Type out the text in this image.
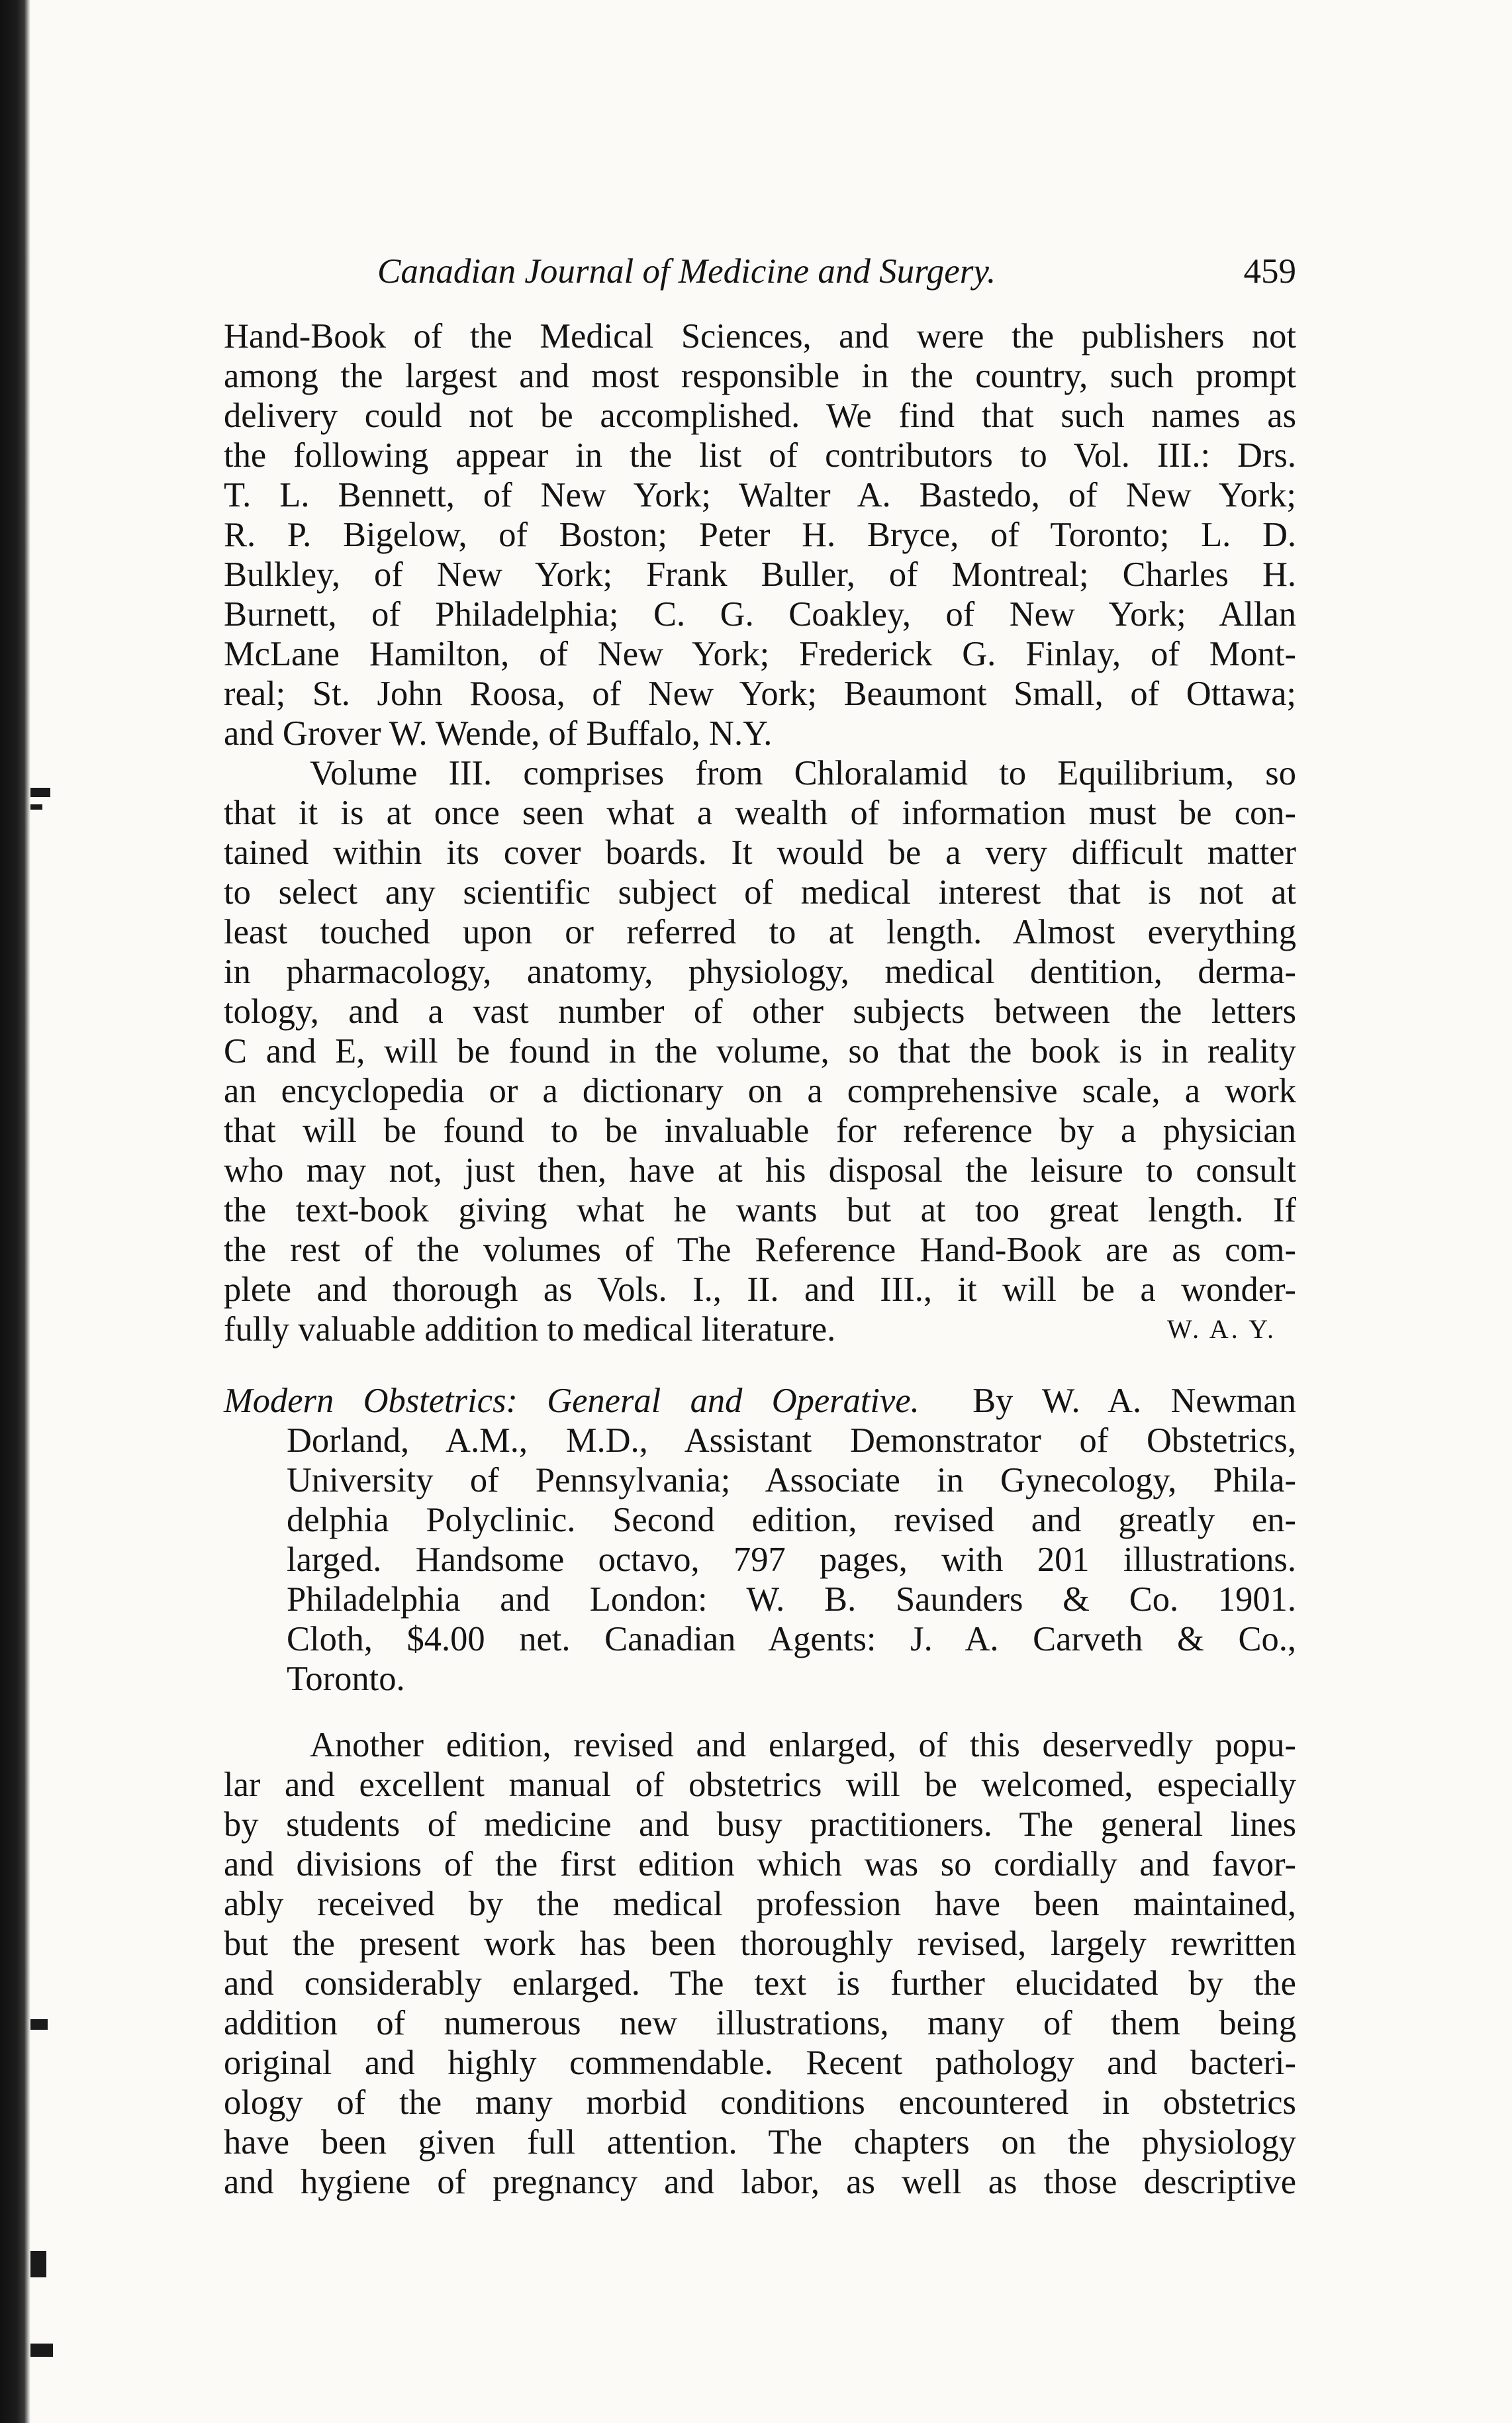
Canadian Journal of Medicine and Surgery.	459
Hand-Book of the Medical Sciences, and were the publishers not
among the largest and most responsible in the country, such prompt
delivery could not be accomplished. We find that such names as
the following appear in the list of contributors to Vol. III.: Drs.
T. L. Bennett, of New York; Walter A. Bastedo, of New York;
R. P. Bigelow, of Boston; Peter H. Bryce, of Toronto; L. D.
Bulkley, of New York; Frank Buller, of Montreal; Charles H.
Burnett, of Philadelphia; C. G. Coakley, of New York; Allan
McLane Hamilton, of New York; Frederick G. Finlay, of Mont-
real; St. John Roosa, of New York; Beaumont Small, of Ottawa;
and Grover W. Wende, of Buffalo, N.Y.
Volume III. comprises from Chloralamid to Equilibrium, so
that it is at once seen what a wealth of information must be con-
tained within its cover boards. It would be a very difficult matter
to select any scientific subject of medical interest that is not at
least touched upon or referred to at length. Almost everything
in pharmacology, anatomy, physiology, medical dentition, derma-
tology, and a vast number of other subjects between the letters
C and E, will be found in the volume, so that the book is in reality
an encyclopedia or a dictionary on a comprehensive scale, a work
that will be found to be invaluable for reference by a physician
who may not, just then, have at his disposal the leisure to consult
the text-book giving what he wants but at too great length. If
the rest of the volumes of The Reference Hand-Book are as com-
plete and thorough as Vols. I., II. and III., it will be a wonder-
fully valuable addition to medical literature.	W. A. Y.
Modern Obstetrics: General and Operative. By W. A. Newman
Dorland, A.M., M.D., Assistant Demonstrator of Obstetrics,
University of Pennsylvania; Associate in Gynecology, Phila-
delphia Polyclinic. Second edition, revised and greatly en-
larged. Handsome octavo, 797 pages, with 201 illustrations.
Philadelphia and London: W. B. Saunders & Co. 1901.
Cloth, $4.00 net. Canadian Agents: J. A. Carveth & Co.,
Toronto.
Another edition, revised and enlarged, of this deservedly popu-
lar and excellent manual of obstetrics will be welcomed, especially
by students of medicine and busy practitioners. The general lines
and divisions of the first edition which was so cordially and favor-
ably received by the medical profession have been maintained,
but the present work has been thoroughly revised, largely rewritten
and considerably enlarged. The text is further elucidated by the
addition of numerous new illustrations, many of them being
original and highly commendable. Recent pathology and bacteri-
ology of the many morbid conditions encountered in obstetrics
have been given full attention. The chapters on the physiology
and hygiene of pregnancy and labor, as well as those descriptive
